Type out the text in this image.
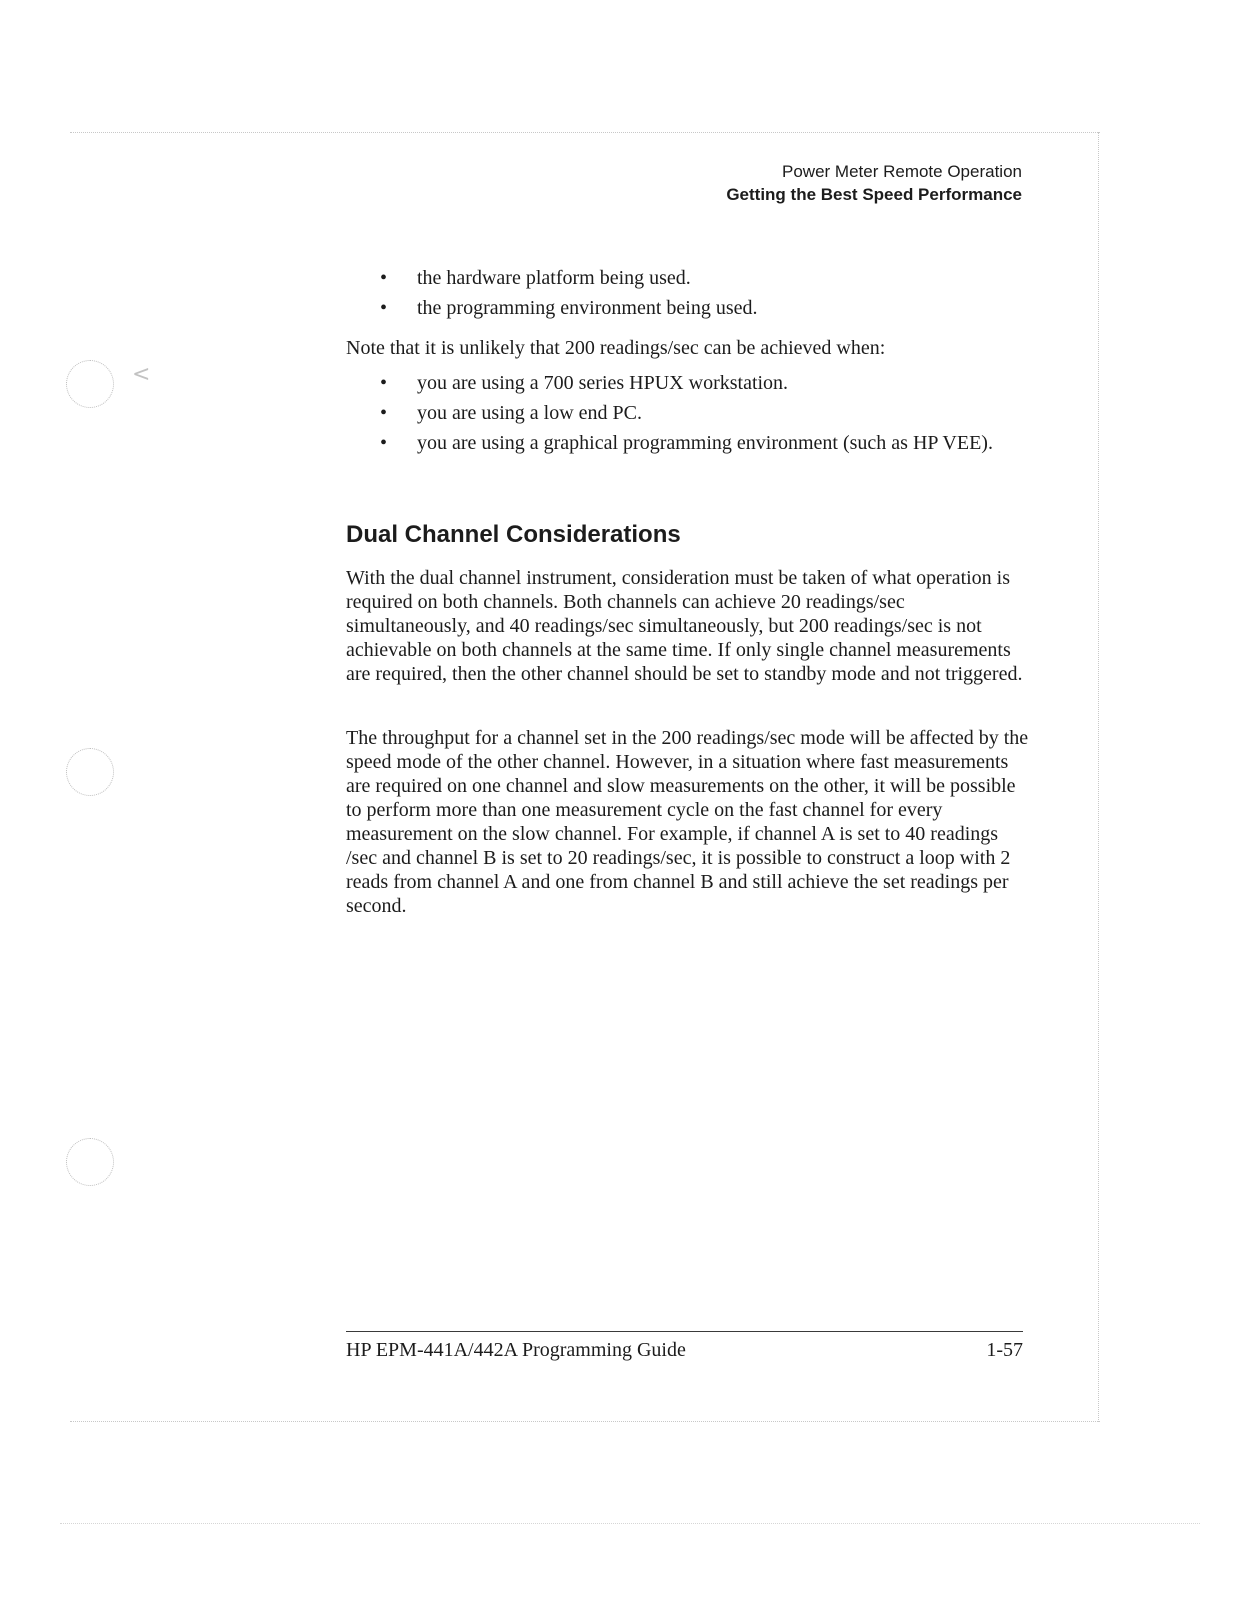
<
Power Meter Remote Operation
Getting the Best Speed Performance
• the hardware platform being used.
• the programming environment being used.

Note that it is unlikely that 200 readings/sec can be achieved when:

• you are using a 700 series HPUX workstation.
• you are using a low end PC.
• you are using a graphical programming environment (such as HP VEE).
Dual Channel Considerations

With the dual channel instrument, consideration must be taken of what operation is required on both channels. Both channels can achieve 20 readings/sec simultaneously, and 40 readings/sec simultaneously, but 200 readings/sec is not achievable on both channels at the same time. If only single channel measurements are required, then the other channel should be set to standby mode and not triggered.

The throughput for a channel set in the 200 readings/sec mode will be affected by the speed mode of the other channel. However, in a situation where fast measurements are required on one channel and slow measurements on the other, it will be possible to perform more than one measurement cycle on the fast channel for every measurement on the slow channel. For example, if channel A is set to 40 readings /sec and channel B is set to 20 readings/sec, it is possible to construct a loop with 2 reads from channel A and one from channel B and still achieve the set readings per second.

HP EPM-441A/442A Programming Guide	1-57
